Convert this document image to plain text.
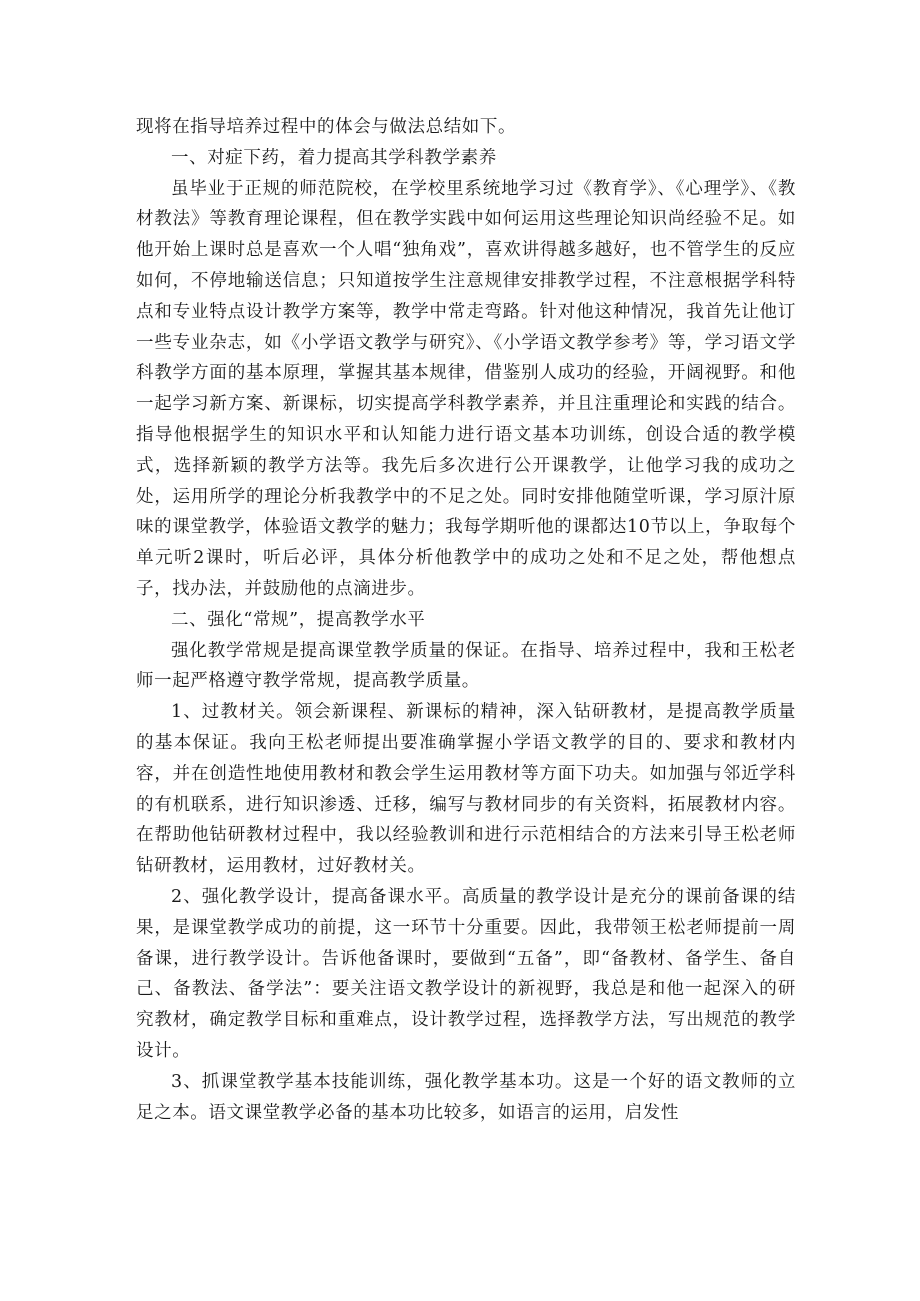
现将在指导培养过程中的体会与做法总结如下。

一、对症下药，着力提高其学科教学素养

虽毕业于正规的师范院校，在学校里系统地学习过《教育学》、《心理学》、《教材教法》等教育理论课程，但在教学实践中如何运用这些理论知识尚经验不足。如他开始上课时总是喜欢一个人唱“独角戏”，喜欢讲得越多越好，也不管学生的反应如何，不停地输送信息；只知道按学生注意规律安排教学过程，不注意根据学科特点和专业特点设计教学方案等，教学中常走弯路。针对他这种情况，我首先让他订一些专业杂志，如《小学语文教学与研究》、《小学语文教学参考》等，学习语文学科教学方面的基本原理，掌握其基本规律，借鉴别人成功的经验，开阔视野。和他一起学习新方案、新课标，切实提高学科教学素养，并且注重理论和实践的结合。指导他根据学生的知识水平和认知能力进行语文基本功训练，创设合适的教学模式，选择新颖的教学方法等。我先后多次进行公开课教学，让他学习我的成功之处，运用所学的理论分析我教学中的不足之处。同时安排他随堂听课，学习原汁原味的课堂教学，体验语文教学的魅力；我每学期听他的课都达10节以上，争取每个单元听2课时，听后必评，具体分析他教学中的成功之处和不足之处，帮他想点子，找办法，并鼓励他的点滴进步。

二、强化“常规”，提高教学水平

强化教学常规是提高课堂教学质量的保证。在指导、培养过程中，我和王松老师一起严格遵守教学常规，提高教学质量。

1、过教材关。领会新课程、新课标的精神，深入钻研教材，是提高教学质量的基本保证。我向王松老师提出要准确掌握小学语文教学的目的、要求和教材内容，并在创造性地使用教材和教会学生运用教材等方面下功夫。如加强与邻近学科的有机联系，进行知识渗透、迁移，编写与教材同步的有关资料，拓展教材内容。在帮助他钻研教材过程中，我以经验教训和进行示范相结合的方法来引导王松老师钻研教材，运用教材，过好教材关。

2、强化教学设计，提高备课水平。高质量的教学设计是充分的课前备课的结果，是课堂教学成功的前提，这一环节十分重要。因此，我带领王松老师提前一周备课，进行教学设计。告诉他备课时，要做到“五备”，即“备教材、备学生、备自己、备教法、备学法”：要关注语文教学设计的新视野，我总是和他一起深入的研究教材，确定教学目标和重难点，设计教学过程，选择教学方法，写出规范的教学设计。

3、抓课堂教学基本技能训练，强化教学基本功。这是一个好的语文教师的立足之本。语文课堂教学必备的基本功比较多，如语言的运用，启发性
